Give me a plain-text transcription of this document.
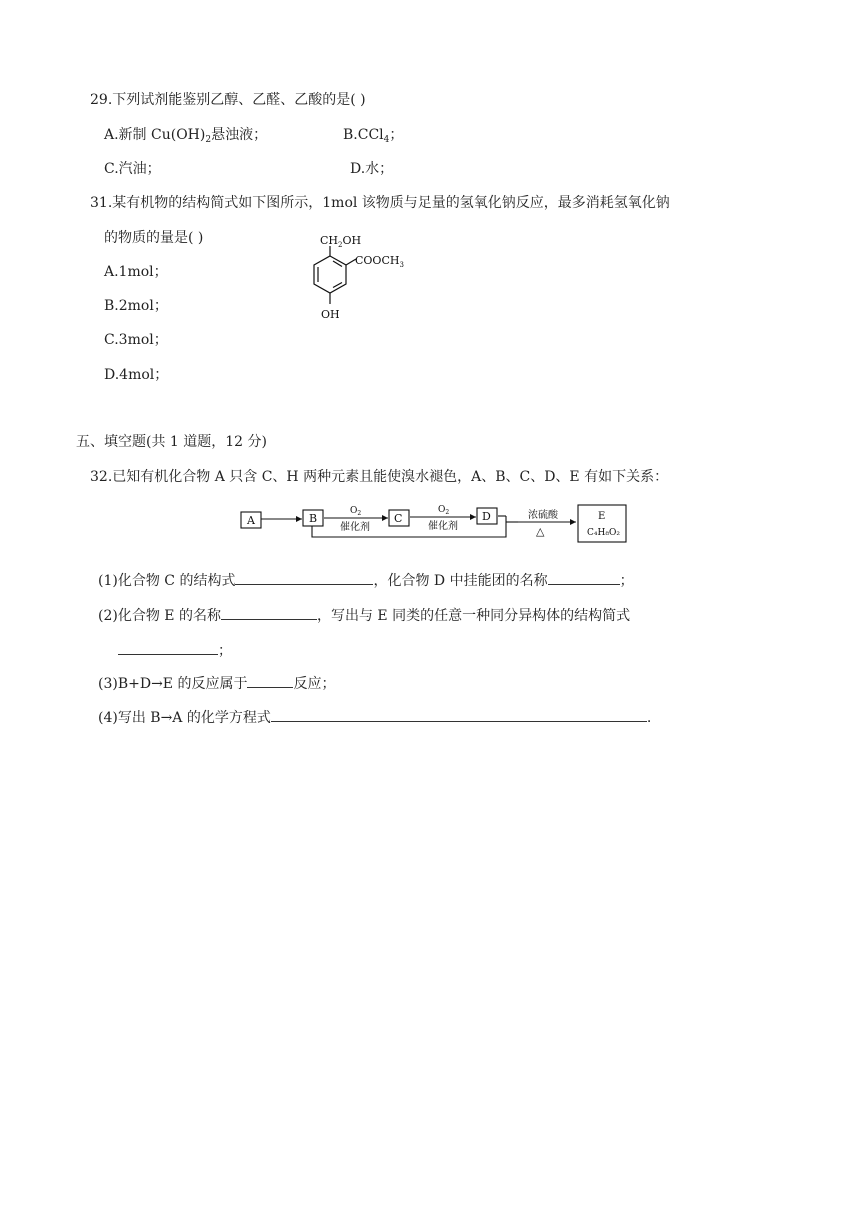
29.下列试剂能鉴别乙醇、乙醛、乙酸的是( )
A.新制 $Cu(OH)_2$悬浊液；	B.CCl$_4$；
C.汽油；	D.水；
31.某有机物的结构简式如下图所示，1mol 该物质与足量的氢氧化钠反应，最多消耗氢氧化钠
的物质的量是( )
A.1mol；
B.2mol；
C.3mol；
D.4mol；
$CH_2OH$
$COOCH_3$
OH
五、填空题(共 1 道题，12 分)
32.已知有机化合物 A 只含 C、H 两种元素且能使溴水褪色，A、B、C、D、E 有如下关系：
A	B	C	D
$O_2$
催化剂
$O_2$
催化剂
浓硫酸
△
E
C₄H₈O₂
(1)化合物 C 的结构式	，化合物 D 中挂能团的名称	；
(2)化合物 E 的名称	，写出与 E 同类的任意一种同分异构体的结构简式
；
(3)B+D→E 的反应属于	反应；
(4)写出 B→A 的化学方程式	.
